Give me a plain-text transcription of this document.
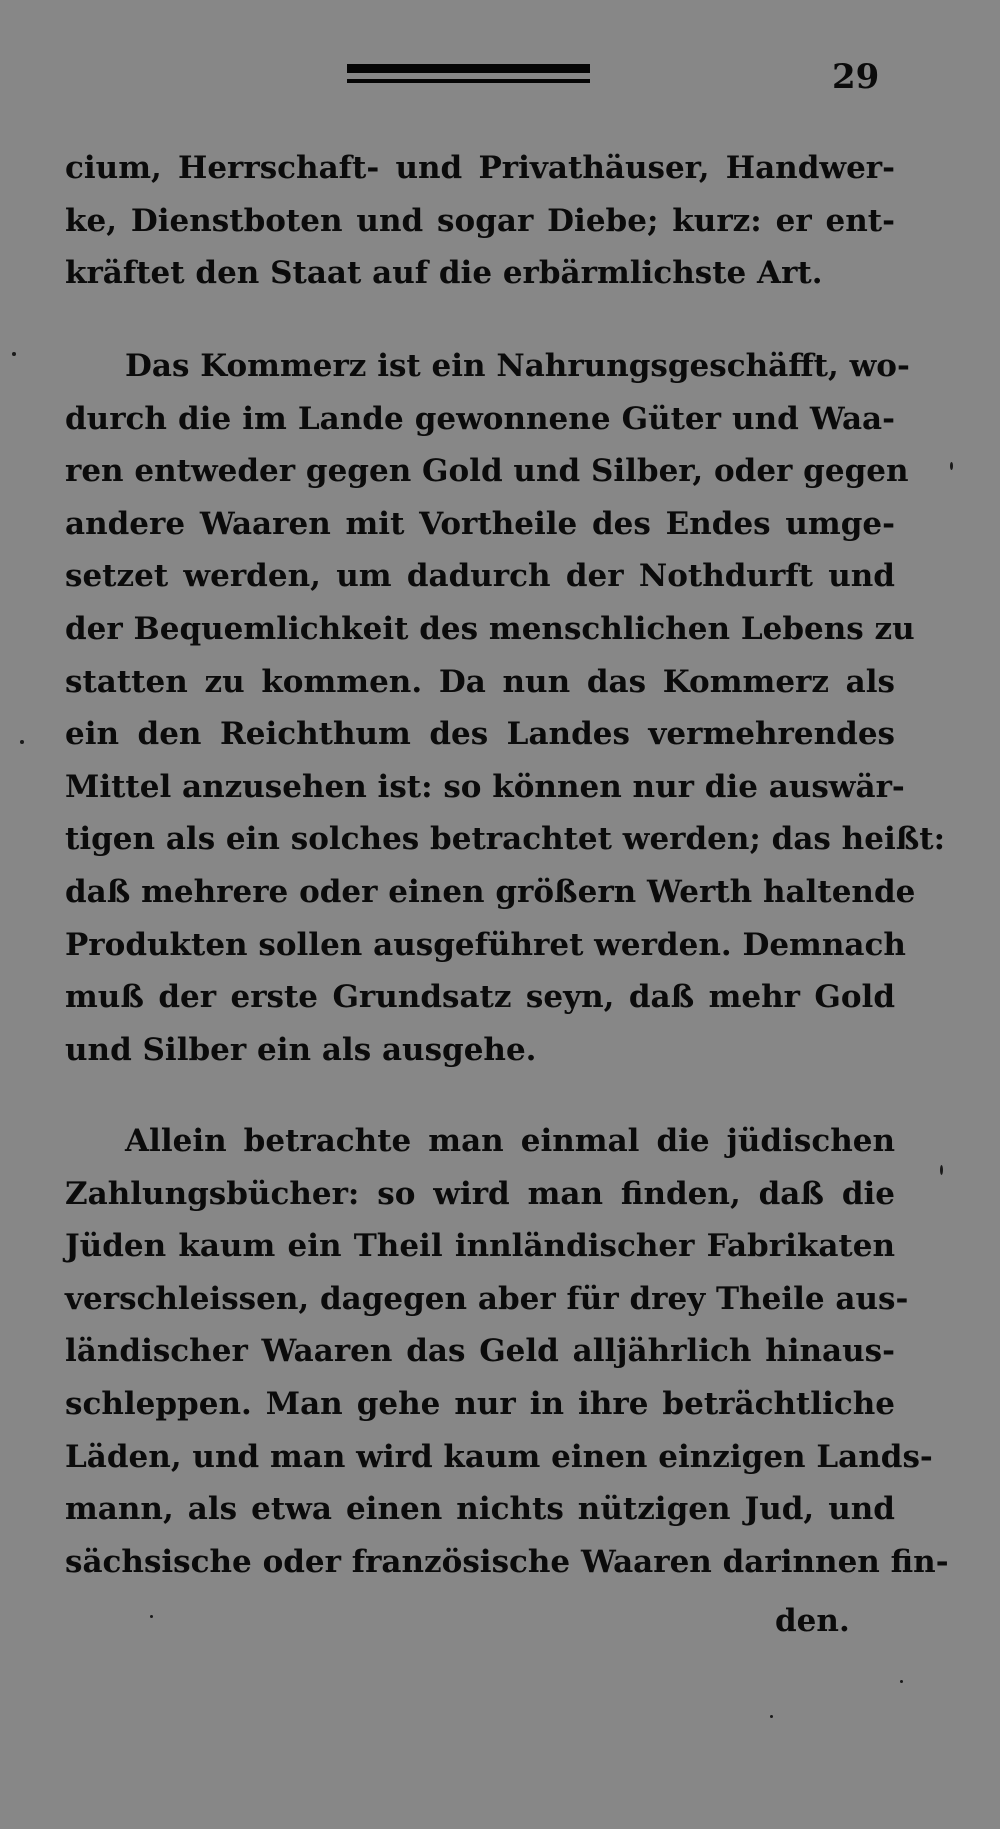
29
cium, Herrschaft- und Privathäuser, Handwer-
ke, Dienstboten und sogar Diebe; kurz: er ent-
kräftet den Staat auf die erbärmlichste Art.
Das Kommerz ist ein Nahrungsgeschäfft, wo-
durch die im Lande gewonnene Güter und Waa-
ren entweder gegen Gold und Silber, oder gegen
andere Waaren mit Vortheile des Endes umge-
setzet werden, um dadurch der Nothdurft und
der Bequemlichkeit des menschlichen Lebens zu
statten zu kommen. Da nun das Kommerz als
ein den Reichthum des Landes vermehrendes
Mittel anzusehen ist: so können nur die auswär-
tigen als ein solches betrachtet werden; das heißt:
daß mehrere oder einen größern Werth haltende
Produkten sollen ausgeführet werden. Demnach
muß der erste Grundsatz seyn, daß mehr Gold
und Silber ein als ausgehe.
Allein betrachte man einmal die jüdischen
Zahlungsbücher: so wird man finden, daß die
Jüden kaum ein Theil innländischer Fabrikaten
verschleissen, dagegen aber für drey Theile aus-
ländischer Waaren das Geld alljährlich hinaus-
schleppen. Man gehe nur in ihre beträchtliche
Läden, und man wird kaum einen einzigen Lands-
mann, als etwa einen nichts nützigen Jud, und
sächsische oder französische Waaren darinnen fin-
den.
